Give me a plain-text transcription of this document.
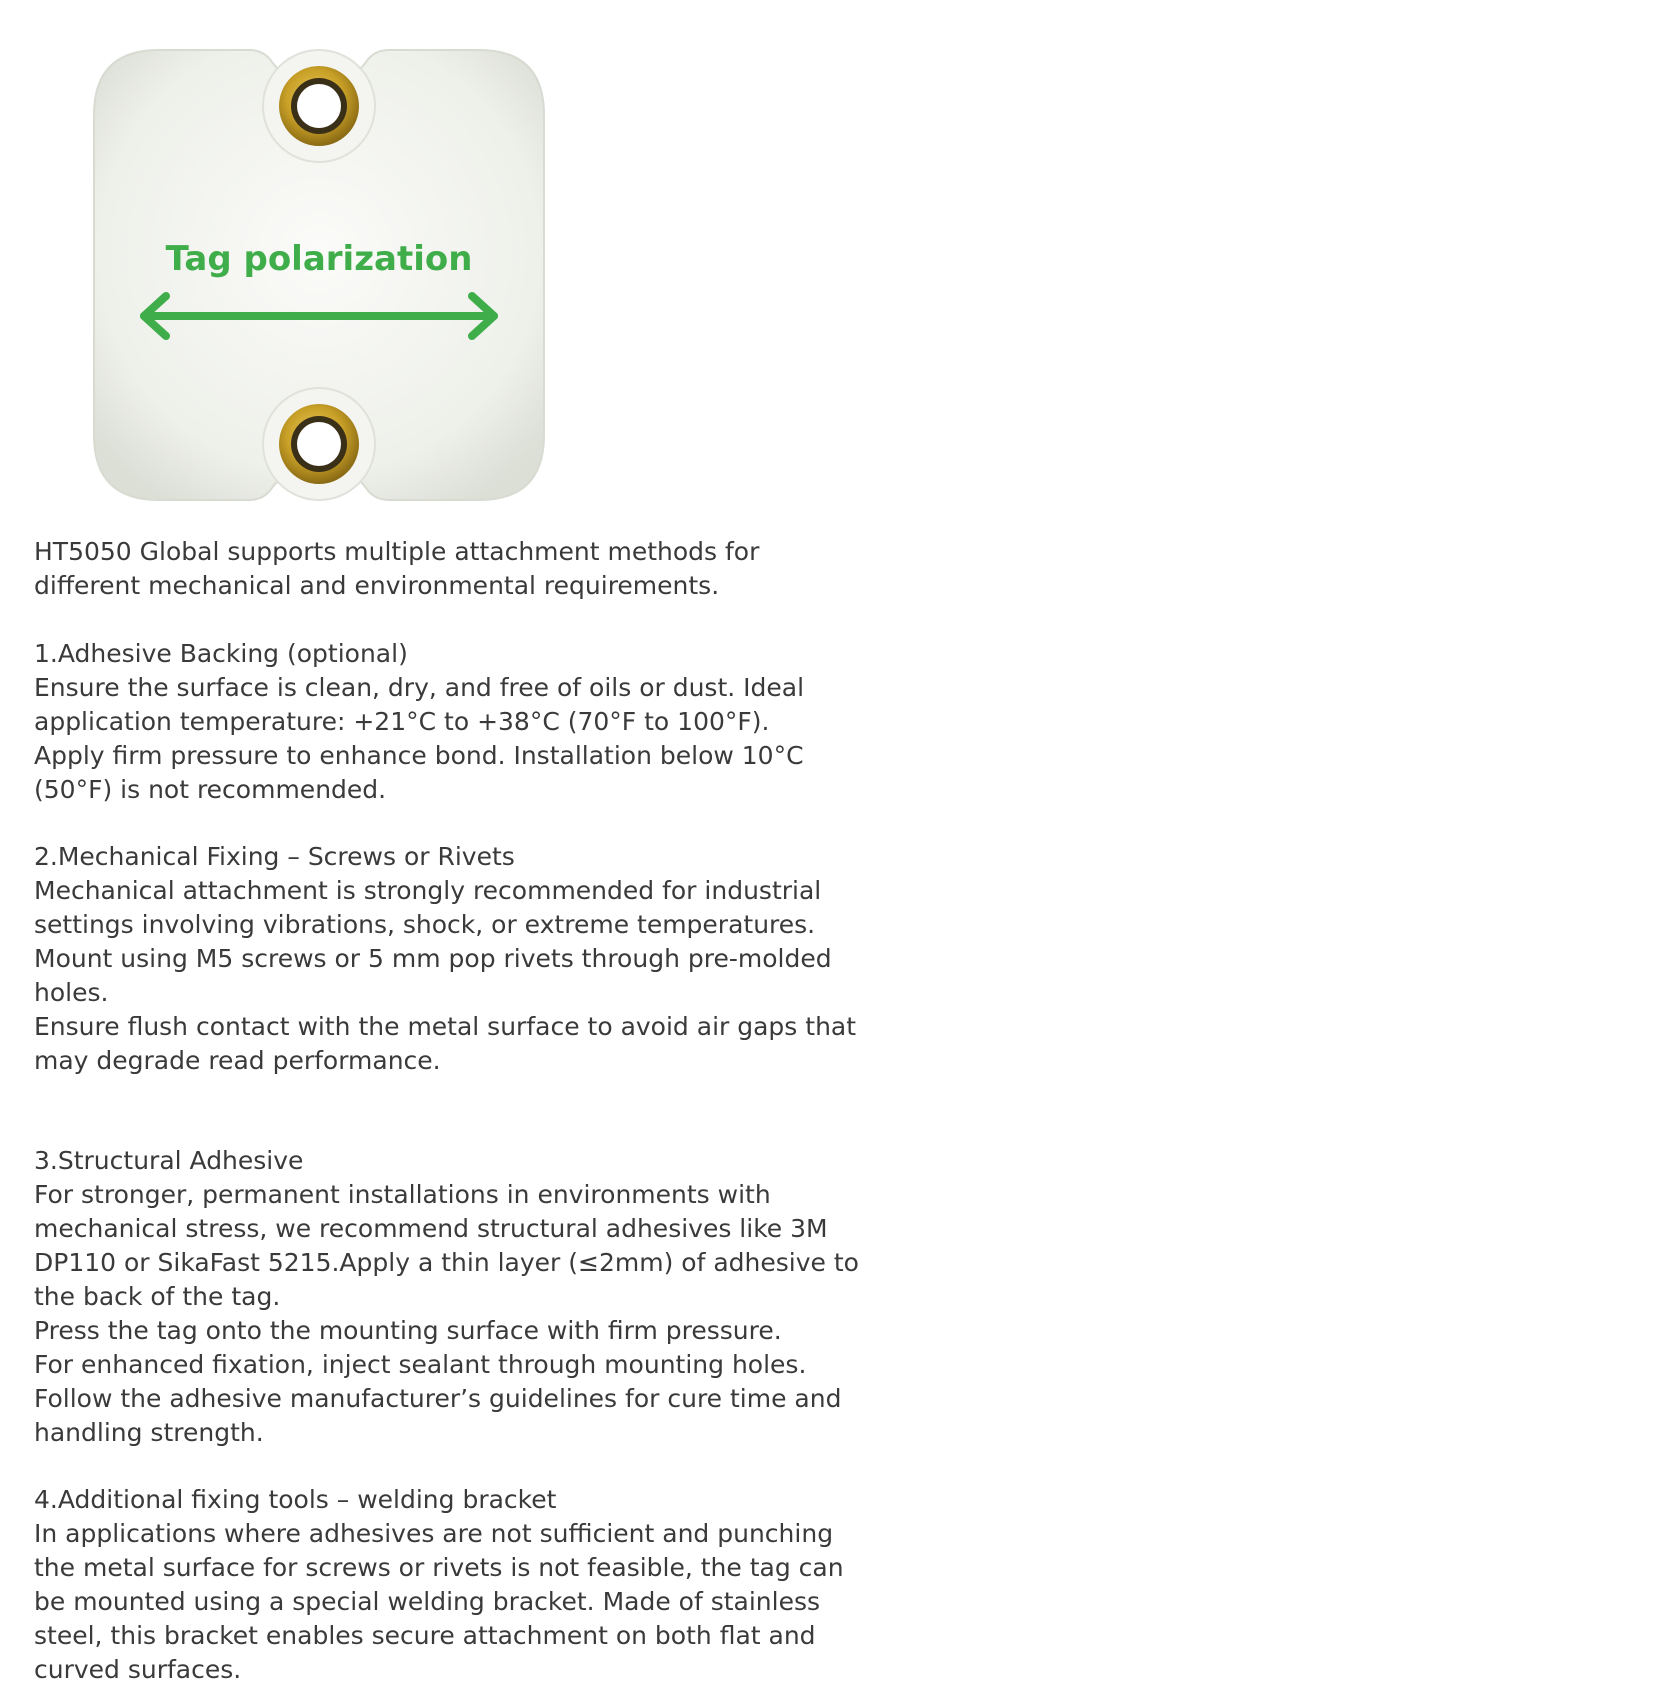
Tag polarization

HT5050 Global supports multiple attachment methods for different mechanical and environmental requirements.

1.Adhesive Backing (optional)

Ensure the surface is clean, dry, and free of oils or dust. Ideal application temperature: +21°C to +38°C (70°F to 100°F).
Apply firm pressure to enhance bond. Installation below 10°C (50°F) is not recommended.

2.Mechanical Fixing – Screws or Rivets

Mechanical attachment is strongly recommended for industrial settings involving vibrations, shock, or extreme temperatures.
Mount using M5 screws or 5 mm pop rivets through pre-molded holes.
Ensure flush contact with the metal surface to avoid air gaps that may degrade read performance.

3.Structural Adhesive

For stronger, permanent installations in environments with mechanical stress, we recommend structural adhesives like 3M DP110 or SikaFast 5215.Apply a thin layer (≤2mm) of adhesive to the back of the tag.
Press the tag onto the mounting surface with firm pressure.
For enhanced fixation, inject sealant through mounting holes.
Follow the adhesive manufacturer’s guidelines for cure time and handling strength.

4.Additional fixing tools – welding bracket

In applications where adhesives are not sufficient and punching the metal surface for screws or rivets is not feasible, the tag can be mounted using a special welding bracket. Made of stainless steel, this bracket enables secure attachment on both flat and curved surfaces.
